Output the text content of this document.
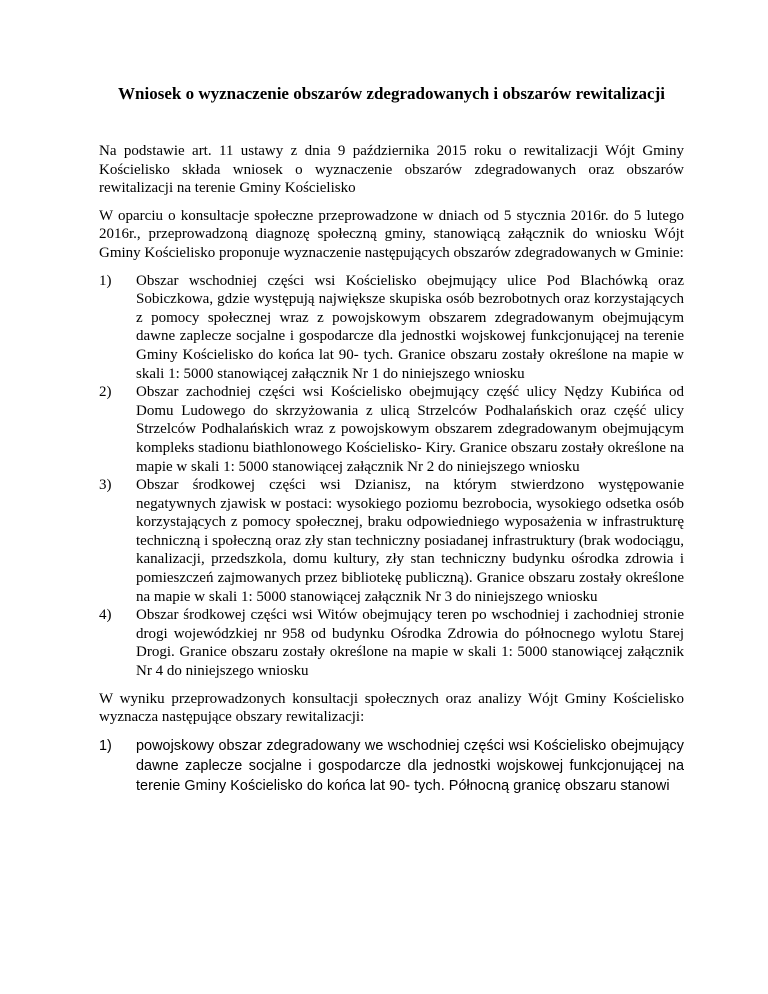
Wniosek o wyznaczenie obszarów zdegradowanych i obszarów rewitalizacji

Na podstawie art. 11 ustawy z dnia 9 października 2015 roku o rewitalizacji Wójt Gminy Kościelisko składa wniosek o wyznaczenie obszarów zdegradowanych oraz obszarów rewitalizacji na terenie Gminy Kościelisko

W oparciu o konsultacje społeczne przeprowadzone w dniach od 5 stycznia 2016r. do 5 lutego 2016r., przeprowadzoną diagnozę społeczną gminy, stanowiącą załącznik do wniosku Wójt Gminy Kościelisko proponuje wyznaczenie następujących obszarów zdegradowanych w Gminie:

1)	Obszar wschodniej części wsi Kościelisko obejmujący ulice Pod Blachówką oraz Sobiczkowa, gdzie występują największe skupiska osób bezrobotnych oraz korzystających z pomocy społecznej wraz z powojskowym obszarem zdegradowanym obejmującym dawne zaplecze socjalne i gospodarcze dla jednostki wojskowej funkcjonującej na terenie Gminy Kościelisko do końca lat 90- tych. Granice obszaru zostały określone na mapie w skali 1: 5000 stanowiącej załącznik Nr 1 do niniejszego wniosku
2)	Obszar zachodniej części wsi Kościelisko obejmujący część ulicy Nędzy Kubińca od Domu Ludowego do skrzyżowania z ulicą Strzelców Podhalańskich oraz część ulicy Strzelców Podhalańskich wraz z powojskowym obszarem zdegradowanym obejmującym kompleks stadionu biathlonowego Kościelisko- Kiry. Granice obszaru zostały określone na mapie w skali 1: 5000 stanowiącej załącznik Nr 2 do niniejszego wniosku
3)	Obszar środkowej części wsi Dzianisz, na którym stwierdzono występowanie negatywnych zjawisk w postaci: wysokiego poziomu bezrobocia, wysokiego odsetka osób korzystających z pomocy społecznej, braku odpowiedniego wyposażenia w infrastrukturę techniczną i społeczną oraz zły stan techniczny posiadanej infrastruktury (brak wodociągu, kanalizacji, przedszkola, domu kultury, zły stan techniczny budynku ośrodka zdrowia i pomieszczeń zajmowanych przez bibliotekę publiczną). Granice obszaru zostały określone na mapie w skali 1: 5000 stanowiącej załącznik Nr 3 do niniejszego wniosku
4)	Obszar środkowej części wsi Witów obejmujący teren po wschodniej i zachodniej stronie drogi wojewódzkiej nr 958 od budynku Ośrodka Zdrowia do północnego wylotu Starej Drogi. Granice obszaru zostały określone na mapie w skali 1: 5000 stanowiącej załącznik Nr 4 do niniejszego wniosku

W wyniku przeprowadzonych konsultacji społecznych oraz analizy Wójt Gminy Kościelisko wyznacza następujące obszary rewitalizacji:

1)	powojskowy obszar zdegradowany we wschodniej części wsi Kościelisko obejmujący dawne zaplecze socjalne i gospodarcze dla jednostki wojskowej funkcjonującej na terenie Gminy Kościelisko do końca lat 90- tych. Północną granicę obszaru stanowi
